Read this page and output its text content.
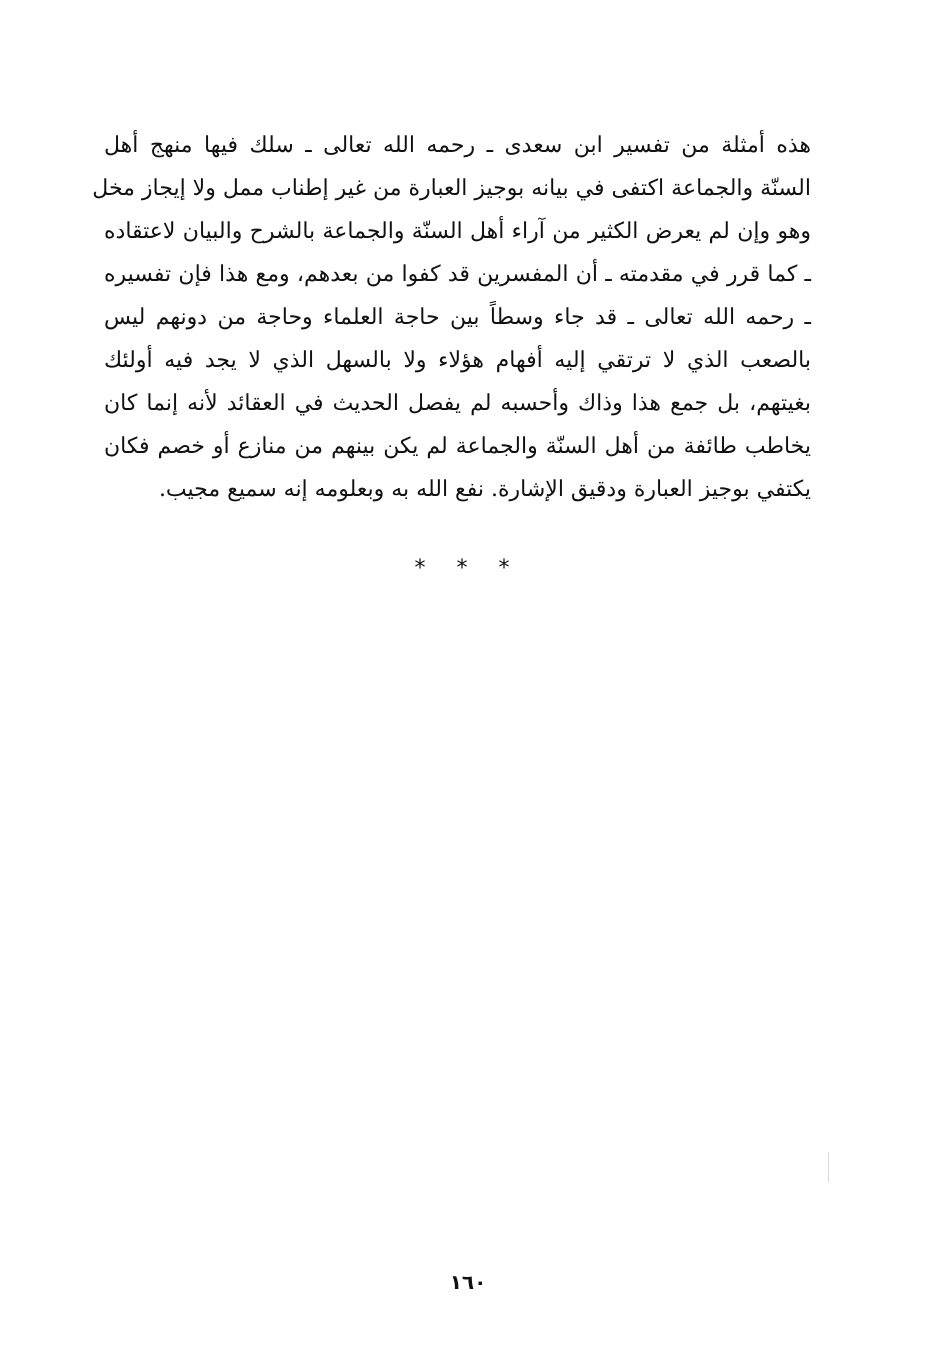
هذه أمثلة من تفسير ابن سعدى ـ رحمه الله تعالى ـ سلك فيها منهج أهل
السنّة والجماعة اكتفى في بيانه بوجيز العبارة من غير إطناب ممل ولا إيجاز مخل
وهو وإن لم يعرض الكثير من آراء أهل السنّة والجماعة بالشرح والبيان لاعتقاده
ـ كما قرر في مقدمته ـ أن المفسرين قد كفوا من بعدهم، ومع هذا فإن تفسيره
ـ رحمه الله تعالى ـ قد جاء وسطاً بين حاجة العلماء وحاجة من دونهم ليس
بالصعب الذي لا ترتقي إليه أفهام هؤلاء ولا بالسهل الذي لا يجد فيه أولئك
بغيتهم، بل جمع هذا وذاك وأحسبه لم يفصل الحديث في العقائد لأنه إنما كان
يخاطب طائفة من أهل السنّة والجماعة لم يكن بينهم من منازع أو خصم فكان
يكتفي بوجيز العبارة ودقيق الإشارة. نفع الله به وبعلومه إنه سميع مجيب.
* * *
١٦٠
